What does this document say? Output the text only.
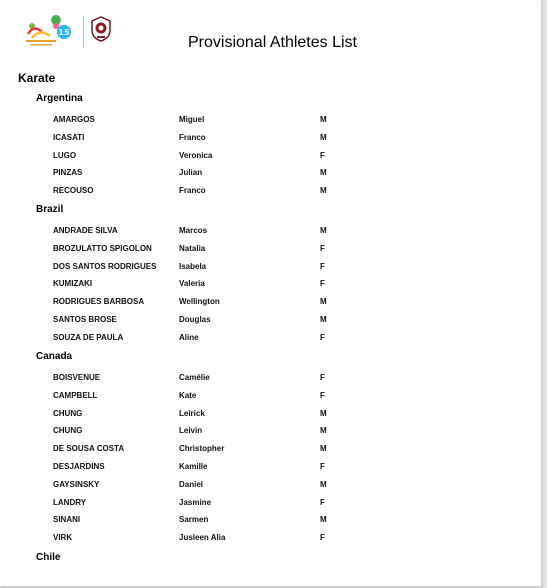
15
Provisional Athletes List
Karate
Argentina
AMARGOS	Miguel	M
ICASATI	Franco	M
LUGO	Veronica	F
PINZAS	Julian	M
RECOUSO	Franco	M
Brazil
ANDRADE SILVA	Marcos	M
BROZULATTO SPIGOLON	Natalia	F
DOS SANTOS RODRIGUES	Isabela	F
KUMIZAKI	Valeria	F
RODRIGUES BARBOSA	Wellington	M
SANTOS BROSE	Douglas	M
SOUZA DE PAULA	Aline	F
Canada
BOISVENUE	Camélie	F
CAMPBELL	Kate	F
CHUNG	Leirick	M
CHUNG	Leivin	M
DE SOUSA COSTA	Christopher	M
DESJARDINS	Kamille	F
GAYSINSKY	Daniel	M
LANDRY	Jasmine	F
SINANI	Sarmen	M
VIRK	Jusleen Alia	F
Chile
